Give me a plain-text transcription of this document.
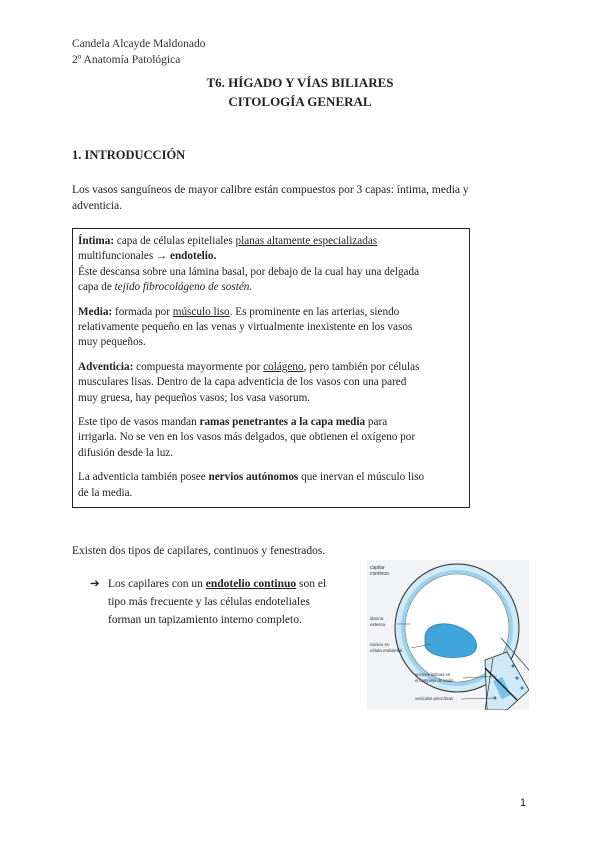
Candela Alcayde Maldonado
2º Anatomía Patológica
T6. HÍGADO Y VÍAS BILIARES
CITOLOGÍA GENERAL
1. INTRODUCCIÓN
Los vasos sanguíneos de mayor calibre están compuestos por 3 capas: íntima, media y
adventicia.

Íntima: capa de células epiteliales planas altamente especializadas
multifuncionales → endotelio.
Éste descansa sobre una lámina basal, por debajo de la cual hay una delgada
capa de tejido fibrocolágeno de sostén.

Media: formada por músculo liso. Es prominente en las arterias, siendo
relativamente pequeño en las venas y virtualmente inexistente en los vasos
muy pequeños.

Adventicia: compuesta mayormente por colágeno, pero también por células
musculares lisas. Dentro de la capa adventicia de los vasos con una pared
muy gruesa, hay pequeños vasos; los vasa vasorum.

Este tipo de vasos mandan ramas penetrantes a la capa media para
irrigarla. No se ven en los vasos más delgados, que obtienen el oxígeno por
difusión desde la luz.

La adventicia también posee nervios autónomos que inervan el músculo liso
de la media.

Existen dos tipos de capilares, continuos y fenestrados.
➔ Los capilares con un endotelio continuo son el
tipo más frecuente y las células endoteliales
forman un tapizamiento interno completo.
capilar
continuo
lámina
externa
núcleo en
célula endotelial
uniones íntimas en
el complejo de unión
vesículas pinocíticas
1
